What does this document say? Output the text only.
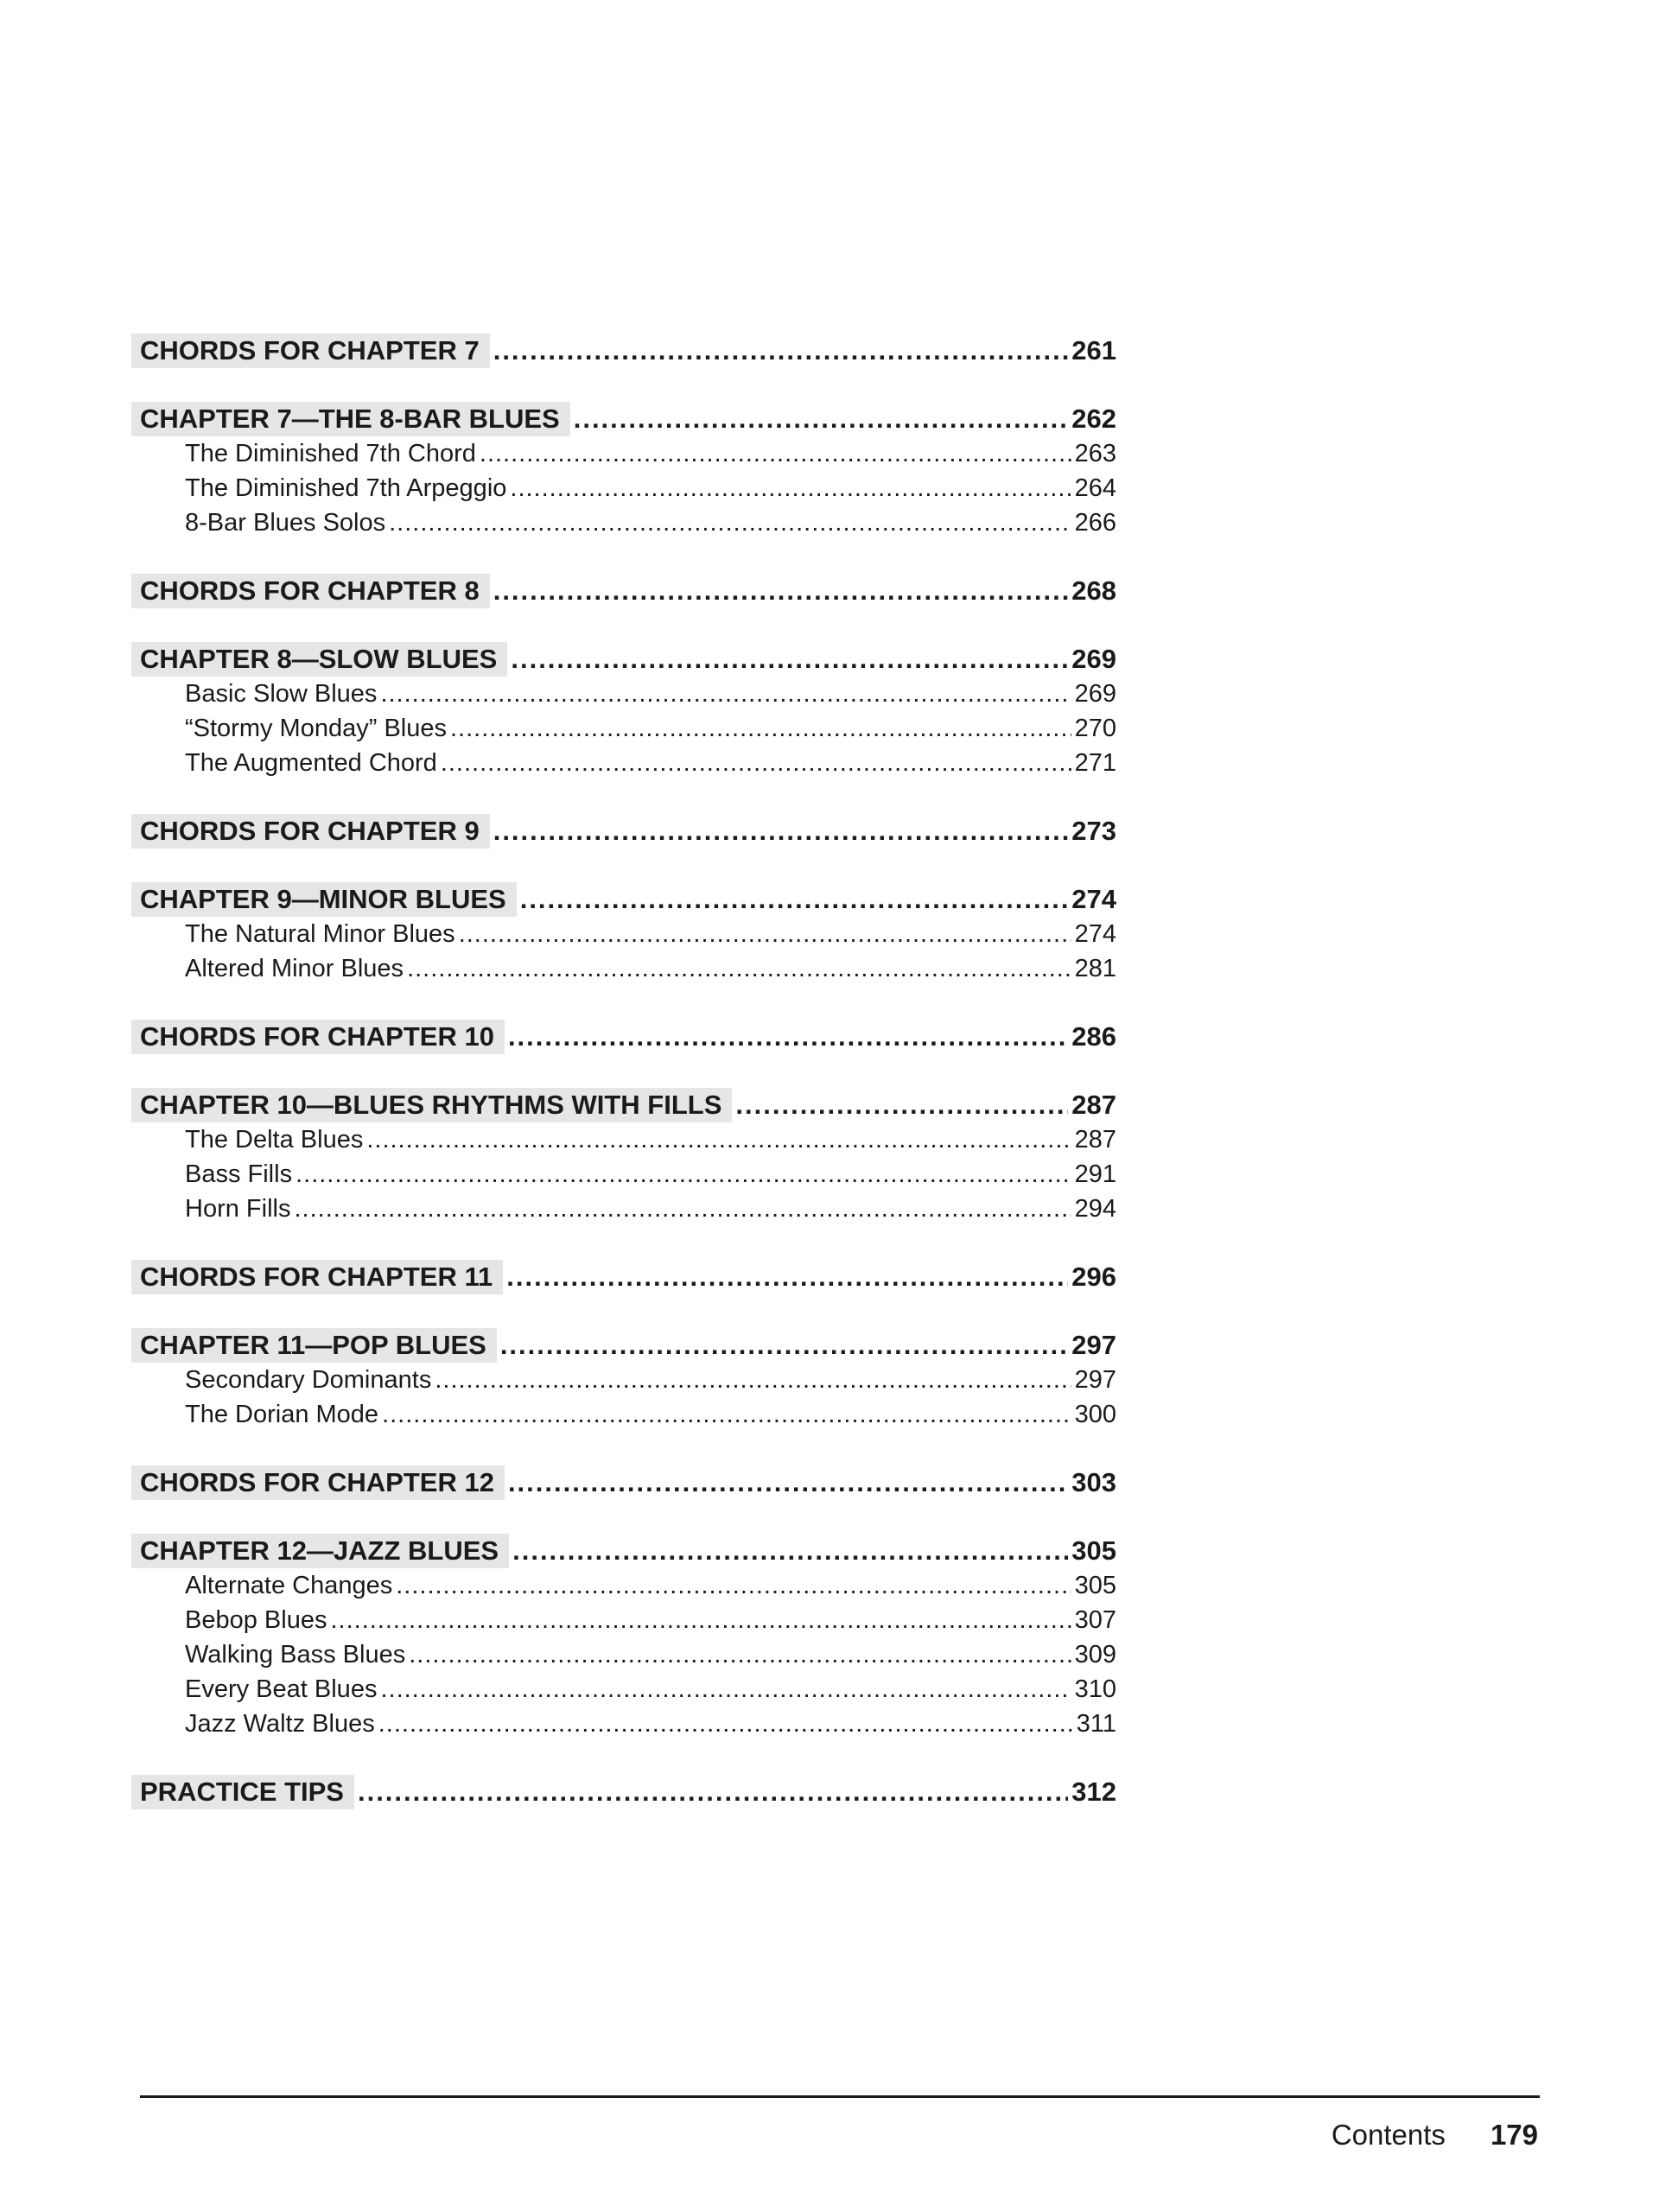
CHORDS FOR CHAPTER 7 .....	261
CHAPTER 7—THE 8-BAR BLUES .....	262
The Diminished 7th Chord .....	263
The Diminished 7th Arpeggio .....	264
8-Bar Blues Solos .....	266
CHORDS FOR CHAPTER 8 .....	268
CHAPTER 8—SLOW BLUES .....	269
Basic Slow Blues .....	269
“Stormy Monday” Blues .....	270
The Augmented Chord .....	271
CHORDS FOR CHAPTER 9 .....	273
CHAPTER 9—MINOR BLUES .....	274
The Natural Minor Blues .....	274
Altered Minor Blues .....	281
CHORDS FOR CHAPTER 10 .....	286
CHAPTER 10—BLUES RHYTHMS WITH FILLS .....	287
The Delta Blues .....	287
Bass Fills .....	291
Horn Fills .....	294
CHORDS FOR CHAPTER 11 .....	296
CHAPTER 11—POP BLUES .....	297
Secondary Dominants .....	297
The Dorian Mode .....	300
CHORDS FOR CHAPTER 12 .....	303
CHAPTER 12—JAZZ BLUES .....	305
Alternate Changes .....	305
Bebop Blues .....	307
Walking Bass Blues .....	309
Every Beat Blues .....	310
Jazz Waltz Blues .....	311
PRACTICE TIPS .....	312
Contents 179
